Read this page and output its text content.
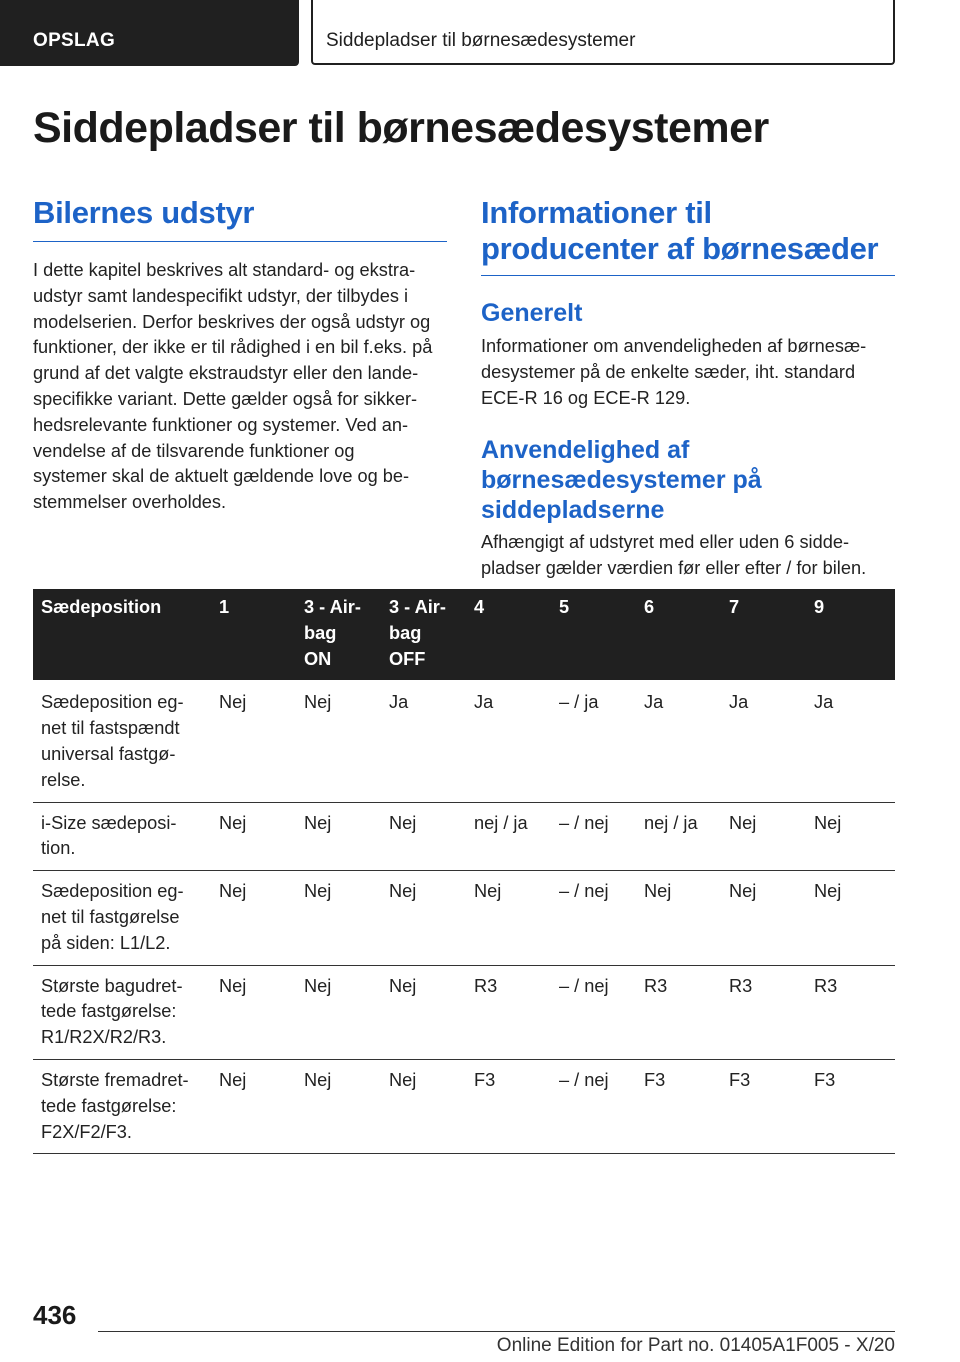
OPSLAG	Siddepladser til børnesædesystemer
Siddepladser til børnesædesystemer
Bilernes udstyr

I dette kapitel beskrives alt standard- og ekstra-
udstyr samt landespecifikt udstyr, der tilbydes i
modelserien. Derfor beskrives der også udstyr og
funktioner, der ikke er til rådighed i en bil f.eks. på
grund af det valgte ekstraudstyr eller den lande-
specifikke variant. Dette gælder også for sikker-
hedsrelevante funktioner og systemer. Ved an-
vendelse af de tilsvarende funktioner og
systemer skal de aktuelt gældende love og be-
stemmelser overholdes.

Informationer til producenter af børnesæder
Generelt

Informationer om anvendeligheden af børnesæ-
desystemer på de enkelte sæder, iht. standard
ECE-R 16 og ECE-R 129.

Anvendelighed af
børnesædesystemer på
siddepladserne

Afhængigt af udstyret med eller uden 6 sidde-
pladser gælder værdien før eller efter / for bilen.

Sædeposition	1	3 - Air-
bag
ON	3 - Air-
bag
OFF	4	5	6	7	9
Sædeposition eg-
net til fastspændt
universal fastgø-
relse.	Nej	Nej	Ja	Ja	– / ja	Ja	Ja	Ja
i-Size sædeposi-
tion.	Nej	Nej	Nej	nej / ja	– / nej	nej / ja	Nej	Nej
Sædeposition eg-
net til fastgørelse
på siden: L1/L2.	Nej	Nej	Nej	Nej	– / nej	Nej	Nej	Nej
Største bagudret-
tede fastgørelse:
R1/R2X/R2/R3.	Nej	Nej	Nej	R3	– / nej	R3	R3	R3
Største fremadret-
tede fastgørelse:
F2X/F2/F3.	Nej	Nej	Nej	F3	– / nej	F3	F3	F3
436
Online Edition for Part no. 01405A1F005 - X/20
